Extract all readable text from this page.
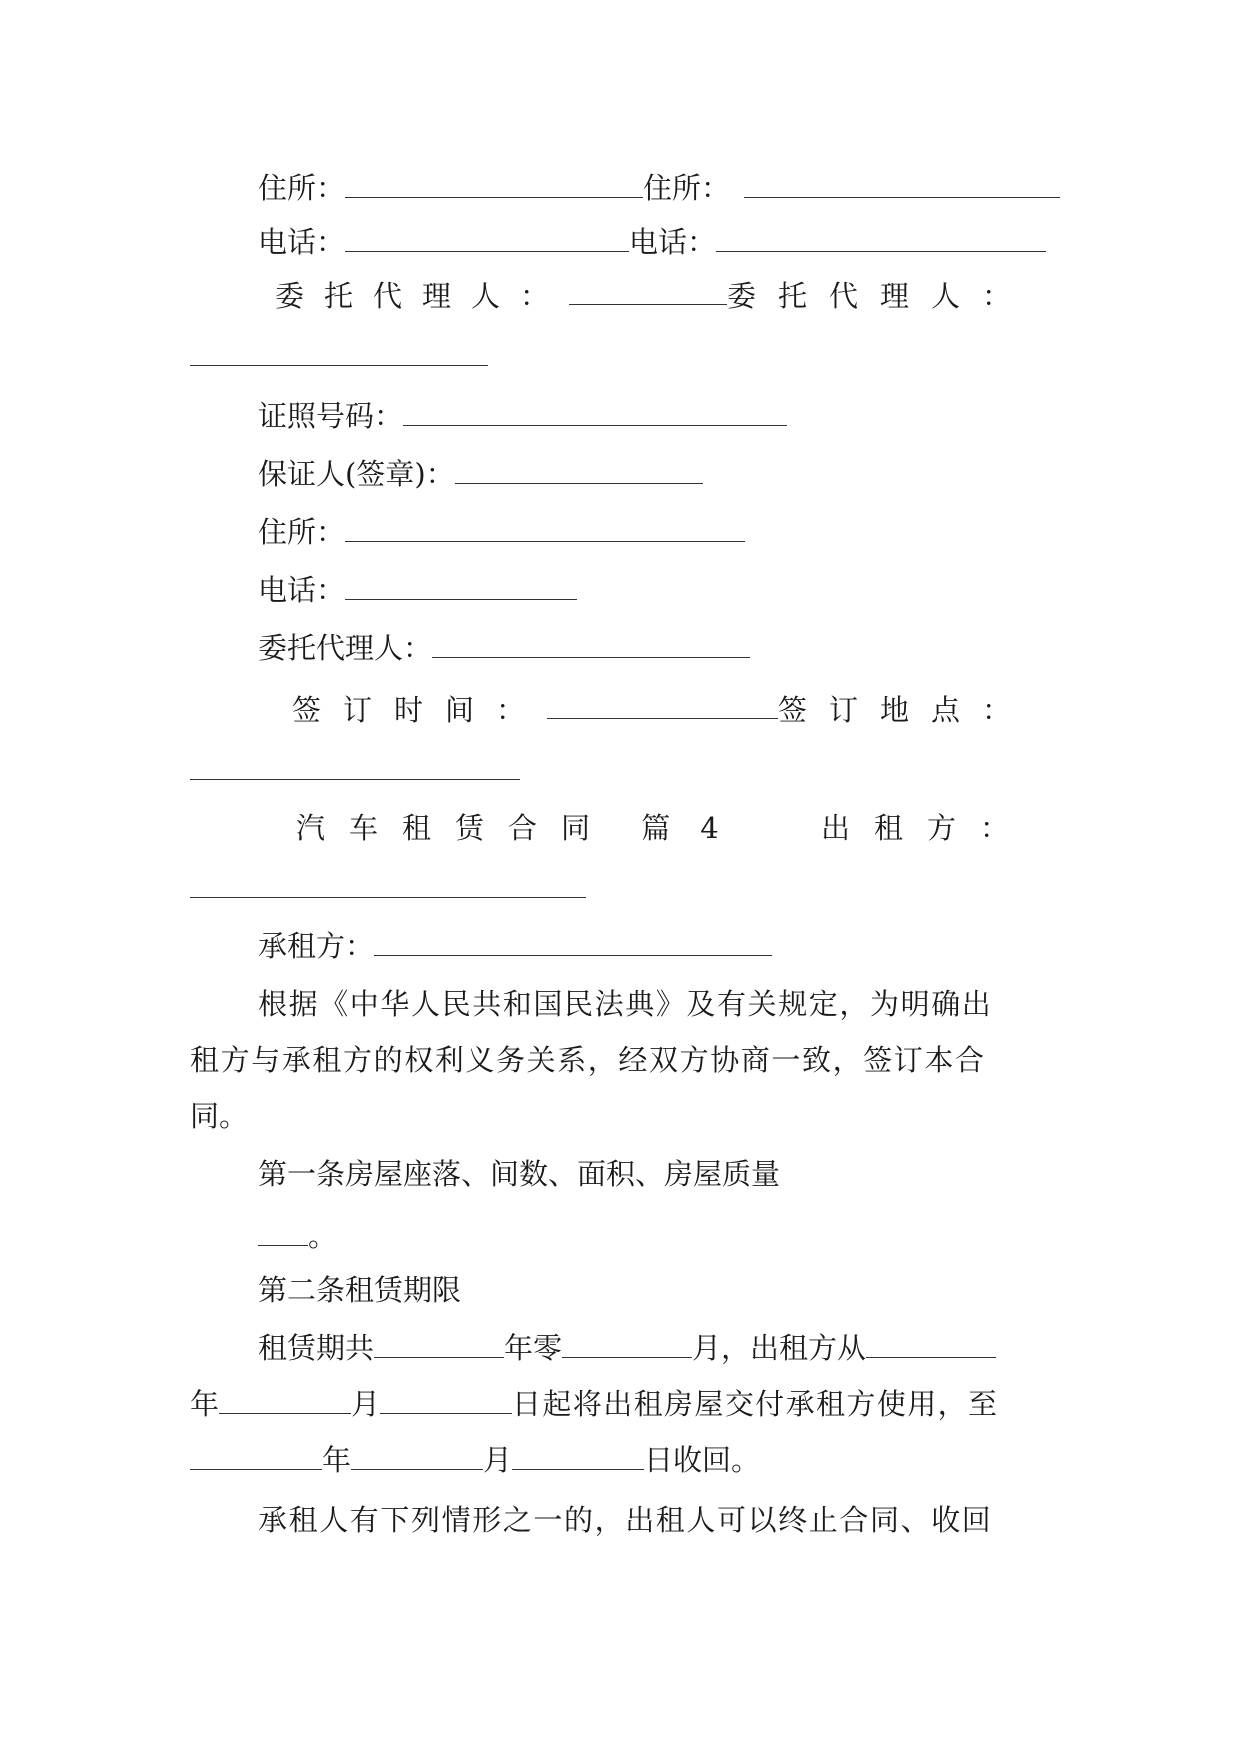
住所：	住所：
电话：	电话：
委托代理人：	委托代理人：
证照号码：
保证人(签章)：
住所：
电话：
委托代理人：
签订时间：	签订地点：
汽车租赁合同 篇4 出租方：
承租方：
根据《中华人民共和国民法典》及有关规定，为明确出
租方与承租方的权利义务关系，经双方协商一致，签订本合
同。
第一条房屋座落、间数、面积、房屋质量
。
第二条租赁期限
租赁期共	年零	月，出租方从
年	月	日起将出租房屋交付承租方使用，至
年	月	日收回。
承租人有下列情形之一的，出租人可以终止合同、收回
